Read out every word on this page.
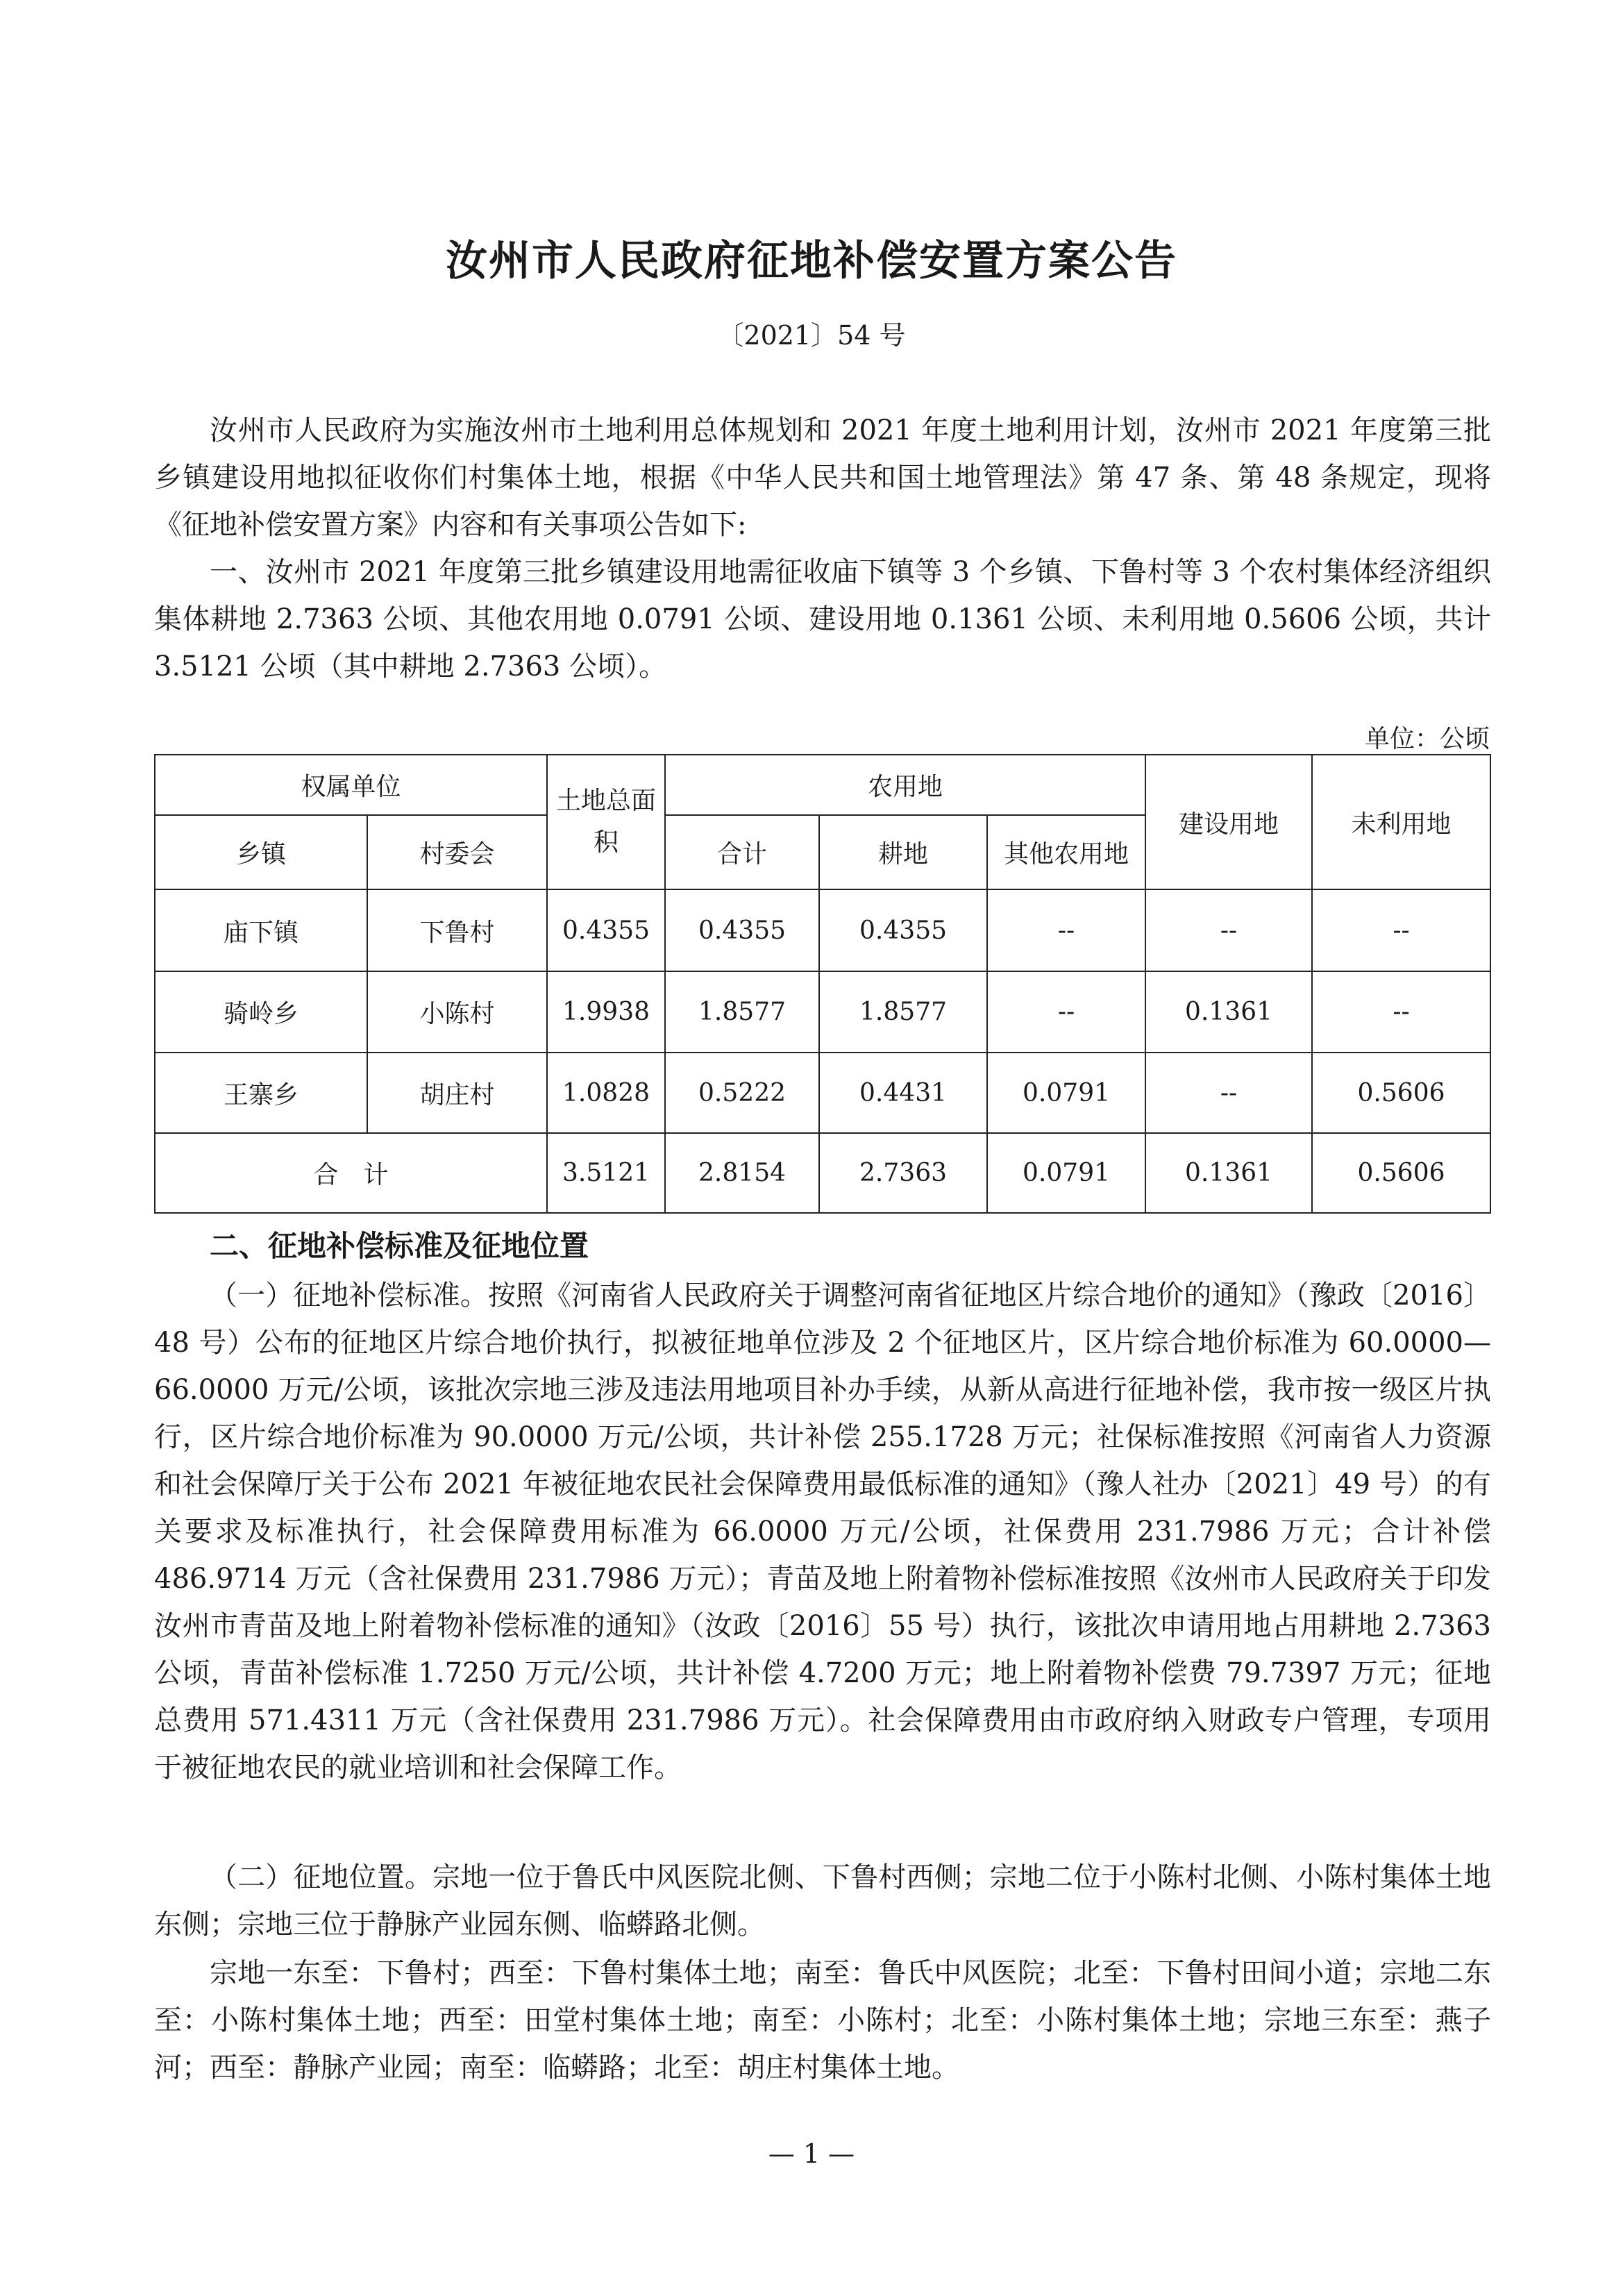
汝州市人民政府征地补偿安置方案公告
〔2021〕54 号

汝州市人民政府为实施汝州市土地利用总体规划和 2021 年度土地利用计划，汝州市 2021 年度第三批乡镇建设用地拟征收你们村集体土地，根据《中华人民共和国土地管理法》第 47 条、第 48 条规定，现将《征地补偿安置方案》内容和有关事项公告如下:

一、汝州市 2021 年度第三批乡镇建设用地需征收庙下镇等 3 个乡镇、下鲁村等 3 个农村集体经济组织集体耕地 2.7363 公顷、其他农用地 0.0791 公顷、建设用地 0.1361 公顷、未利用地 0.5606 公顷，共计 3.5121 公顷（其中耕地 2.7363 公顷）。

单位：公顷
权属单位		土地总面积	农用地			建设用地	未利用地
乡镇	村委会		合计	耕地	其他农用地		
庙下镇	下鲁村	0.4355	0.4355	0.4355	--	--	--
骑岭乡	小陈村	1.9938	1.8577	1.8577	--	0.1361	--
王寨乡	胡庄村	1.0828	0.5222	0.4431	0.0791	--	0.5606
合　计		3.5121	2.8154	2.7363	0.0791	0.1361	0.5606
二、征地补偿标准及征地位置

（一）征地补偿标准。按照《河南省人民政府关于调整河南省征地区片综合地价的通知》（豫政〔2016〕48 号）公布的征地区片综合地价执行，拟被征地单位涉及 2 个征地区片，区片综合地价标准为 60.0000—66.0000 万元/公顷，该批次宗地三涉及违法用地项目补办手续，从新从高进行征地补偿，我市按一级区片执行，区片综合地价标准为 90.0000 万元/公顷，共计补偿 255.1728 万元；社保标准按照《河南省人力资源和社会保障厅关于公布 2021 年被征地农民社会保障费用最低标准的通知》（豫人社办〔2021〕49 号）的有关要求及标准执行，社会保障费用标准为 66.0000 万元/公顷，社保费用 231.7986 万元；合计补偿 486.9714 万元（含社保费用 231.7986 万元）；青苗及地上附着物补偿标准按照《汝州市人民政府关于印发汝州市青苗及地上附着物补偿标准的通知》（汝政〔2016〕55 号）执行，该批次申请用地占用耕地 2.7363 公顷，青苗补偿标准 1.7250 万元/公顷，共计补偿 4.7200 万元；地上附着物补偿费 79.7397 万元；征地总费用 571.4311 万元（含社保费用 231.7986 万元）。社会保障费用由市政府纳入财政专户管理，专项用于被征地农民的就业培训和社会保障工作。

（二）征地位置。宗地一位于鲁氏中风医院北侧、下鲁村西侧；宗地二位于小陈村北侧、小陈村集体土地东侧；宗地三位于静脉产业园东侧、临蟒路北侧。

宗地一东至：下鲁村；西至：下鲁村集体土地；南至：鲁氏中风医院；北至：下鲁村田间小道；宗地二东至：小陈村集体土地；西至：田堂村集体土地；南至：小陈村；北至：小陈村集体土地；宗地三东至：燕子河；西至：静脉产业园；南至：临蟒路；北至：胡庄村集体土地。

— 1 —
